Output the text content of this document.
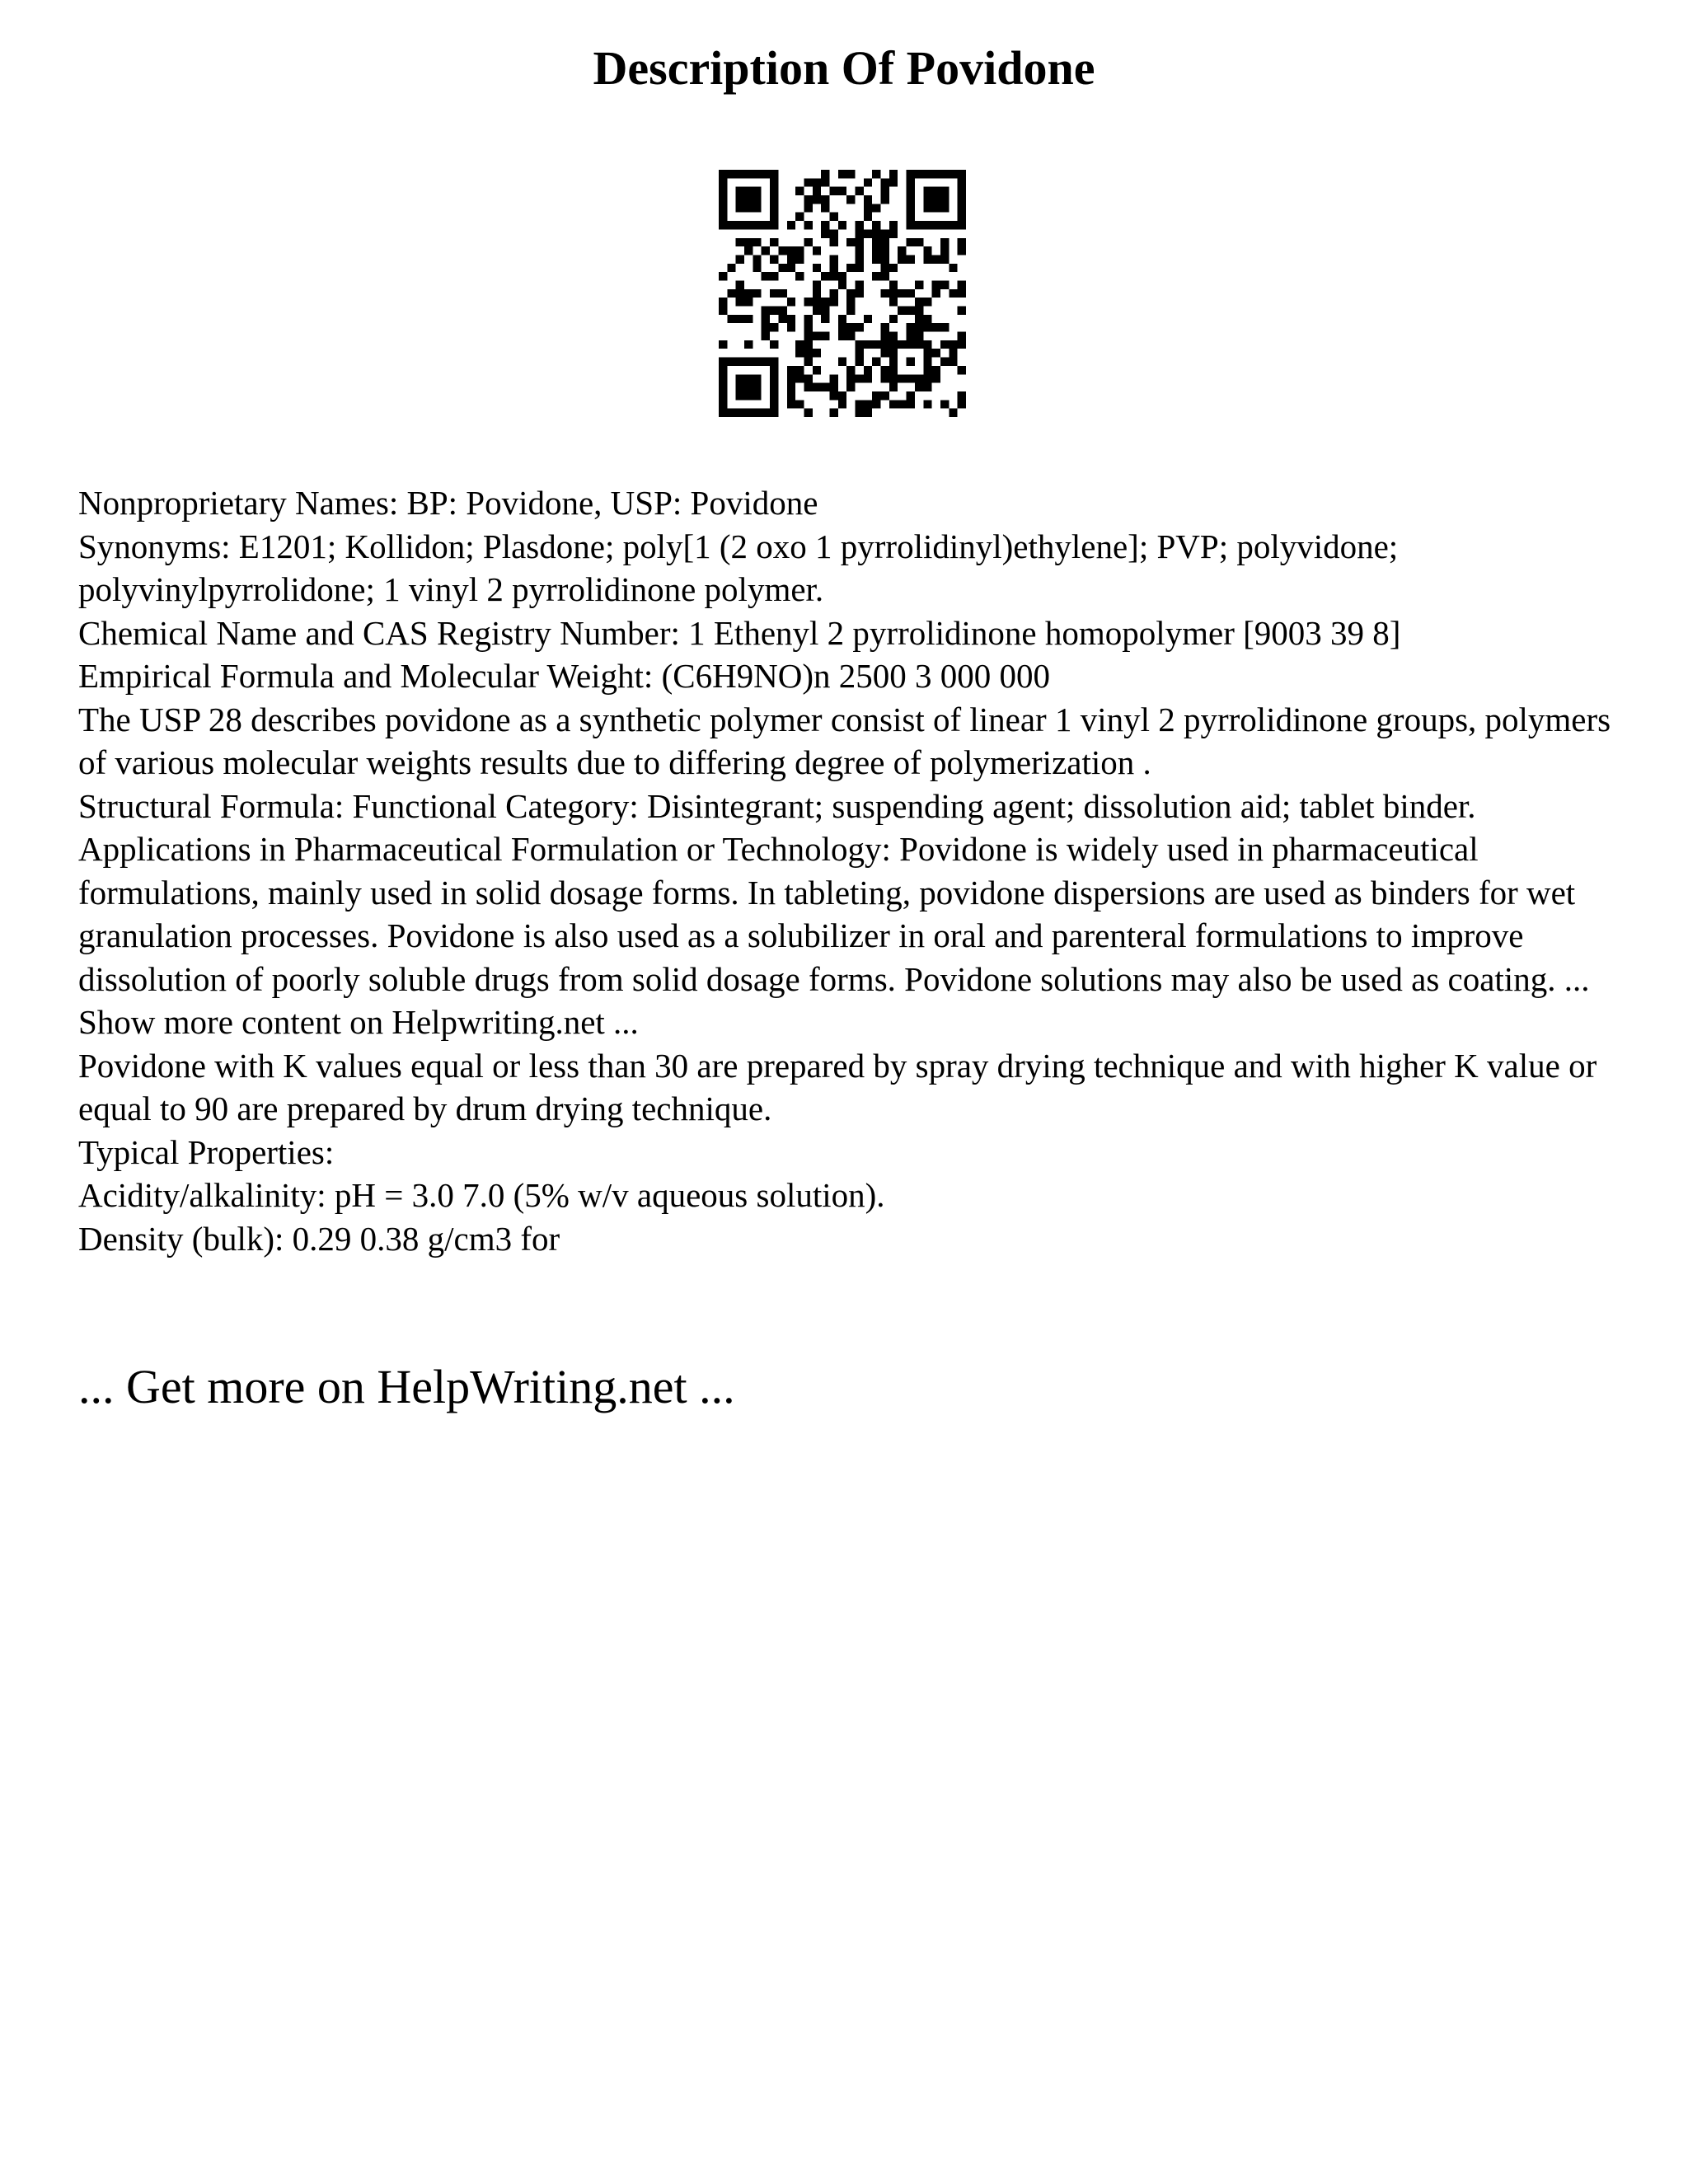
Description Of Povidone

Nonproprietary Names: BP: Povidone, USP: Povidone

Synonyms: E1201; Kollidon; Plasdone; poly[1 (2 oxo 1 pyrrolidinyl)ethylene]; PVP; polyvidone; polyvinylpyrrolidone; 1 vinyl 2 pyrrolidinone polymer.

Chemical Name and CAS Registry Number: 1 Ethenyl 2 pyrrolidinone homopolymer [9003 39 8]

Empirical Formula and Molecular Weight: (C6H9NO)n 2500 3 000 000

The USP 28 describes povidone as a synthetic polymer consist of linear 1 vinyl 2 pyrrolidinone groups, polymers of various molecular weights results due to differing degree of polymerization .

Structural Formula: Functional Category: Disintegrant; suspending agent; dissolution aid; tablet binder.

Applications in Pharmaceutical Formulation or Technology: Povidone is widely used in pharmaceutical formulations, mainly used in solid dosage forms. In tableting, povidone dispersions are used as binders for wet granulation processes. Povidone is also used as a solubilizer in oral and parenteral formulations to improve dissolution of poorly soluble drugs from solid dosage forms. Povidone solutions may also be used as coating. ... Show more content on Helpwriting.net ...

Povidone with K values equal or less than 30 are prepared by spray drying technique and with higher K value or equal to 90 are prepared by drum drying technique.

Typical Properties:

Acidity/alkalinity: pH = 3.0 7.0 (5% w/v aqueous solution).

Density (bulk): 0.29 0.38 g/cm3 for

... Get more on HelpWriting.net ...
